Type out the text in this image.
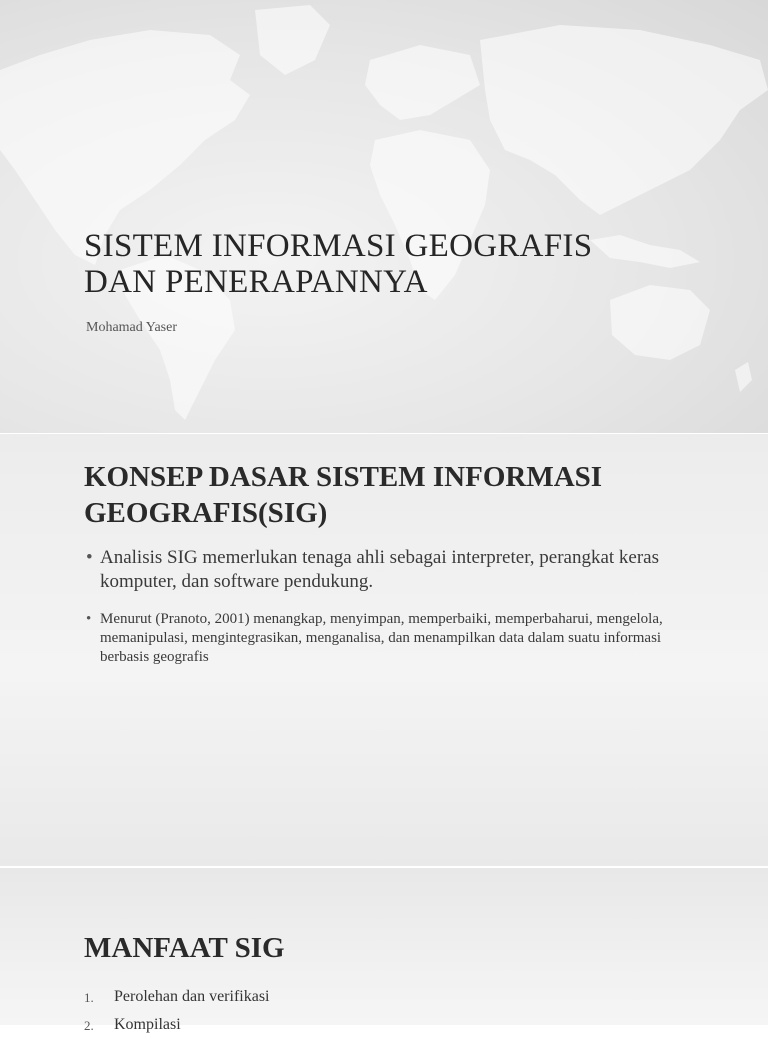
SISTEM INFORMASI GEOGRAFIS
DAN PENERAPANNYA
Mohamad Yaser
KONSEP DASAR SISTEM INFORMASI GEOGRAFIS(SIG)
• Analisis SIG memerlukan tenaga ahli sebagai interpreter, perangkat keras komputer, dan software pendukung.
• Menurut (Pranoto, 2001) menangkap, menyimpan, memperbaiki, memperbaharui, mengelola, memanipulasi, mengintegrasikan, menganalisa, dan menampilkan data dalam suatu informasi berbasis geografis
MANFAAT SIG
1. Perolehan dan verifikasi
2. Kompilasi
